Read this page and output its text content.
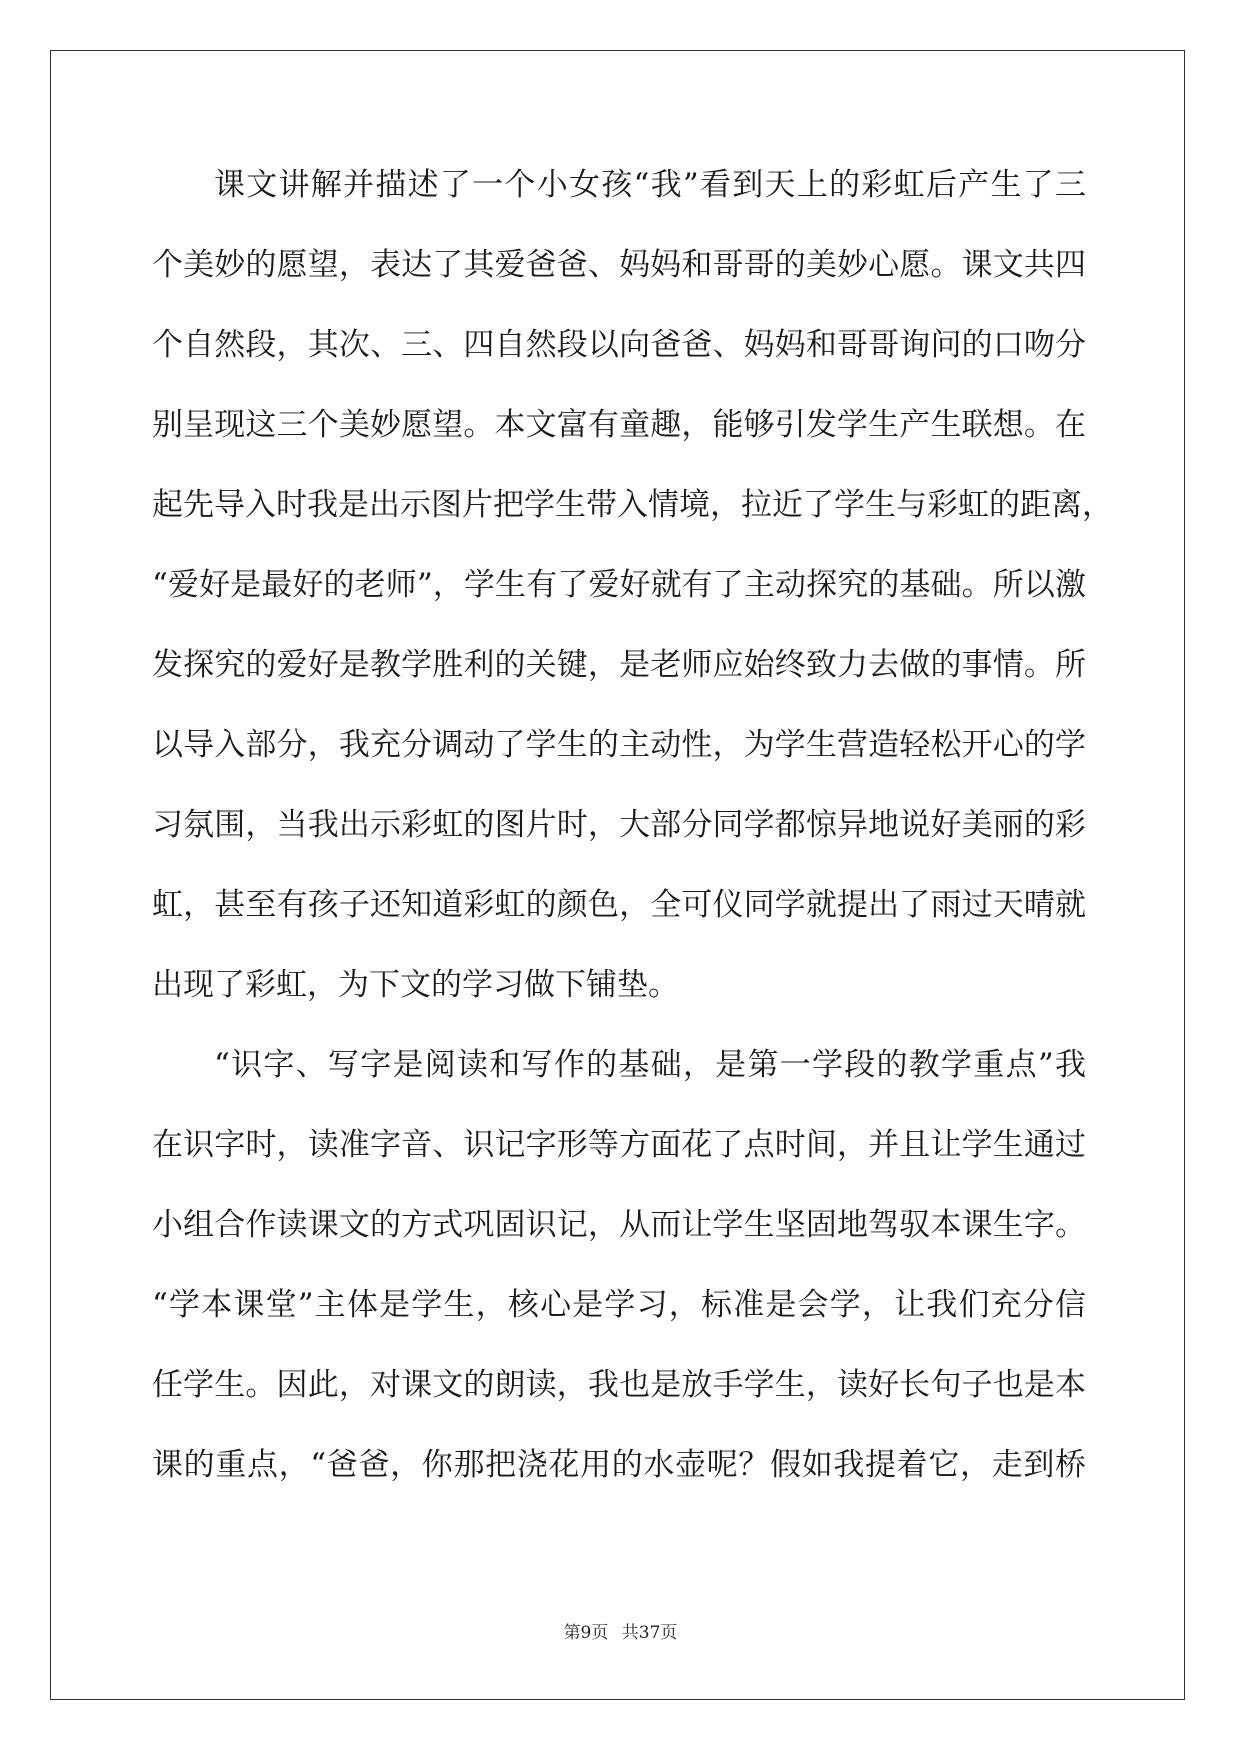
课文讲解并描述了一个小女孩“我”看到天上的彩虹后产生了三
个美妙的愿望，表达了其爱爸爸、妈妈和哥哥的美妙心愿。课文共四
个自然段，其次、三、四自然段以向爸爸、妈妈和哥哥询问的口吻分
别呈现这三个美妙愿望。本文富有童趣，能够引发学生产生联想。在
起先导入时我是出示图片把学生带入情境，拉近了学生与彩虹的距离，
“爱好是最好的老师”，学生有了爱好就有了主动探究的基础。所以激
发探究的爱好是教学胜利的关键，是老师应始终致力去做的事情。所
以导入部分，我充分调动了学生的主动性，为学生营造轻松开心的学
习氛围，当我出示彩虹的图片时，大部分同学都惊异地说好美丽的彩
虹，甚至有孩子还知道彩虹的颜色，全可仪同学就提出了雨过天晴就
出现了彩虹，为下文的学习做下铺垫。
“识字、写字是阅读和写作的基础，是第一学段的教学重点”我
在识字时，读准字音、识记字形等方面花了点时间，并且让学生通过
小组合作读课文的方式巩固识记，从而让学生坚固地驾驭本课生字。
“学本课堂”主体是学生，核心是学习，标准是会学，让我们充分信
任学生。因此，对课文的朗读，我也是放手学生，读好长句子也是本
课的重点，“爸爸，你那把浇花用的水壶呢？假如我提着它，走到桥
第9页 共37页
